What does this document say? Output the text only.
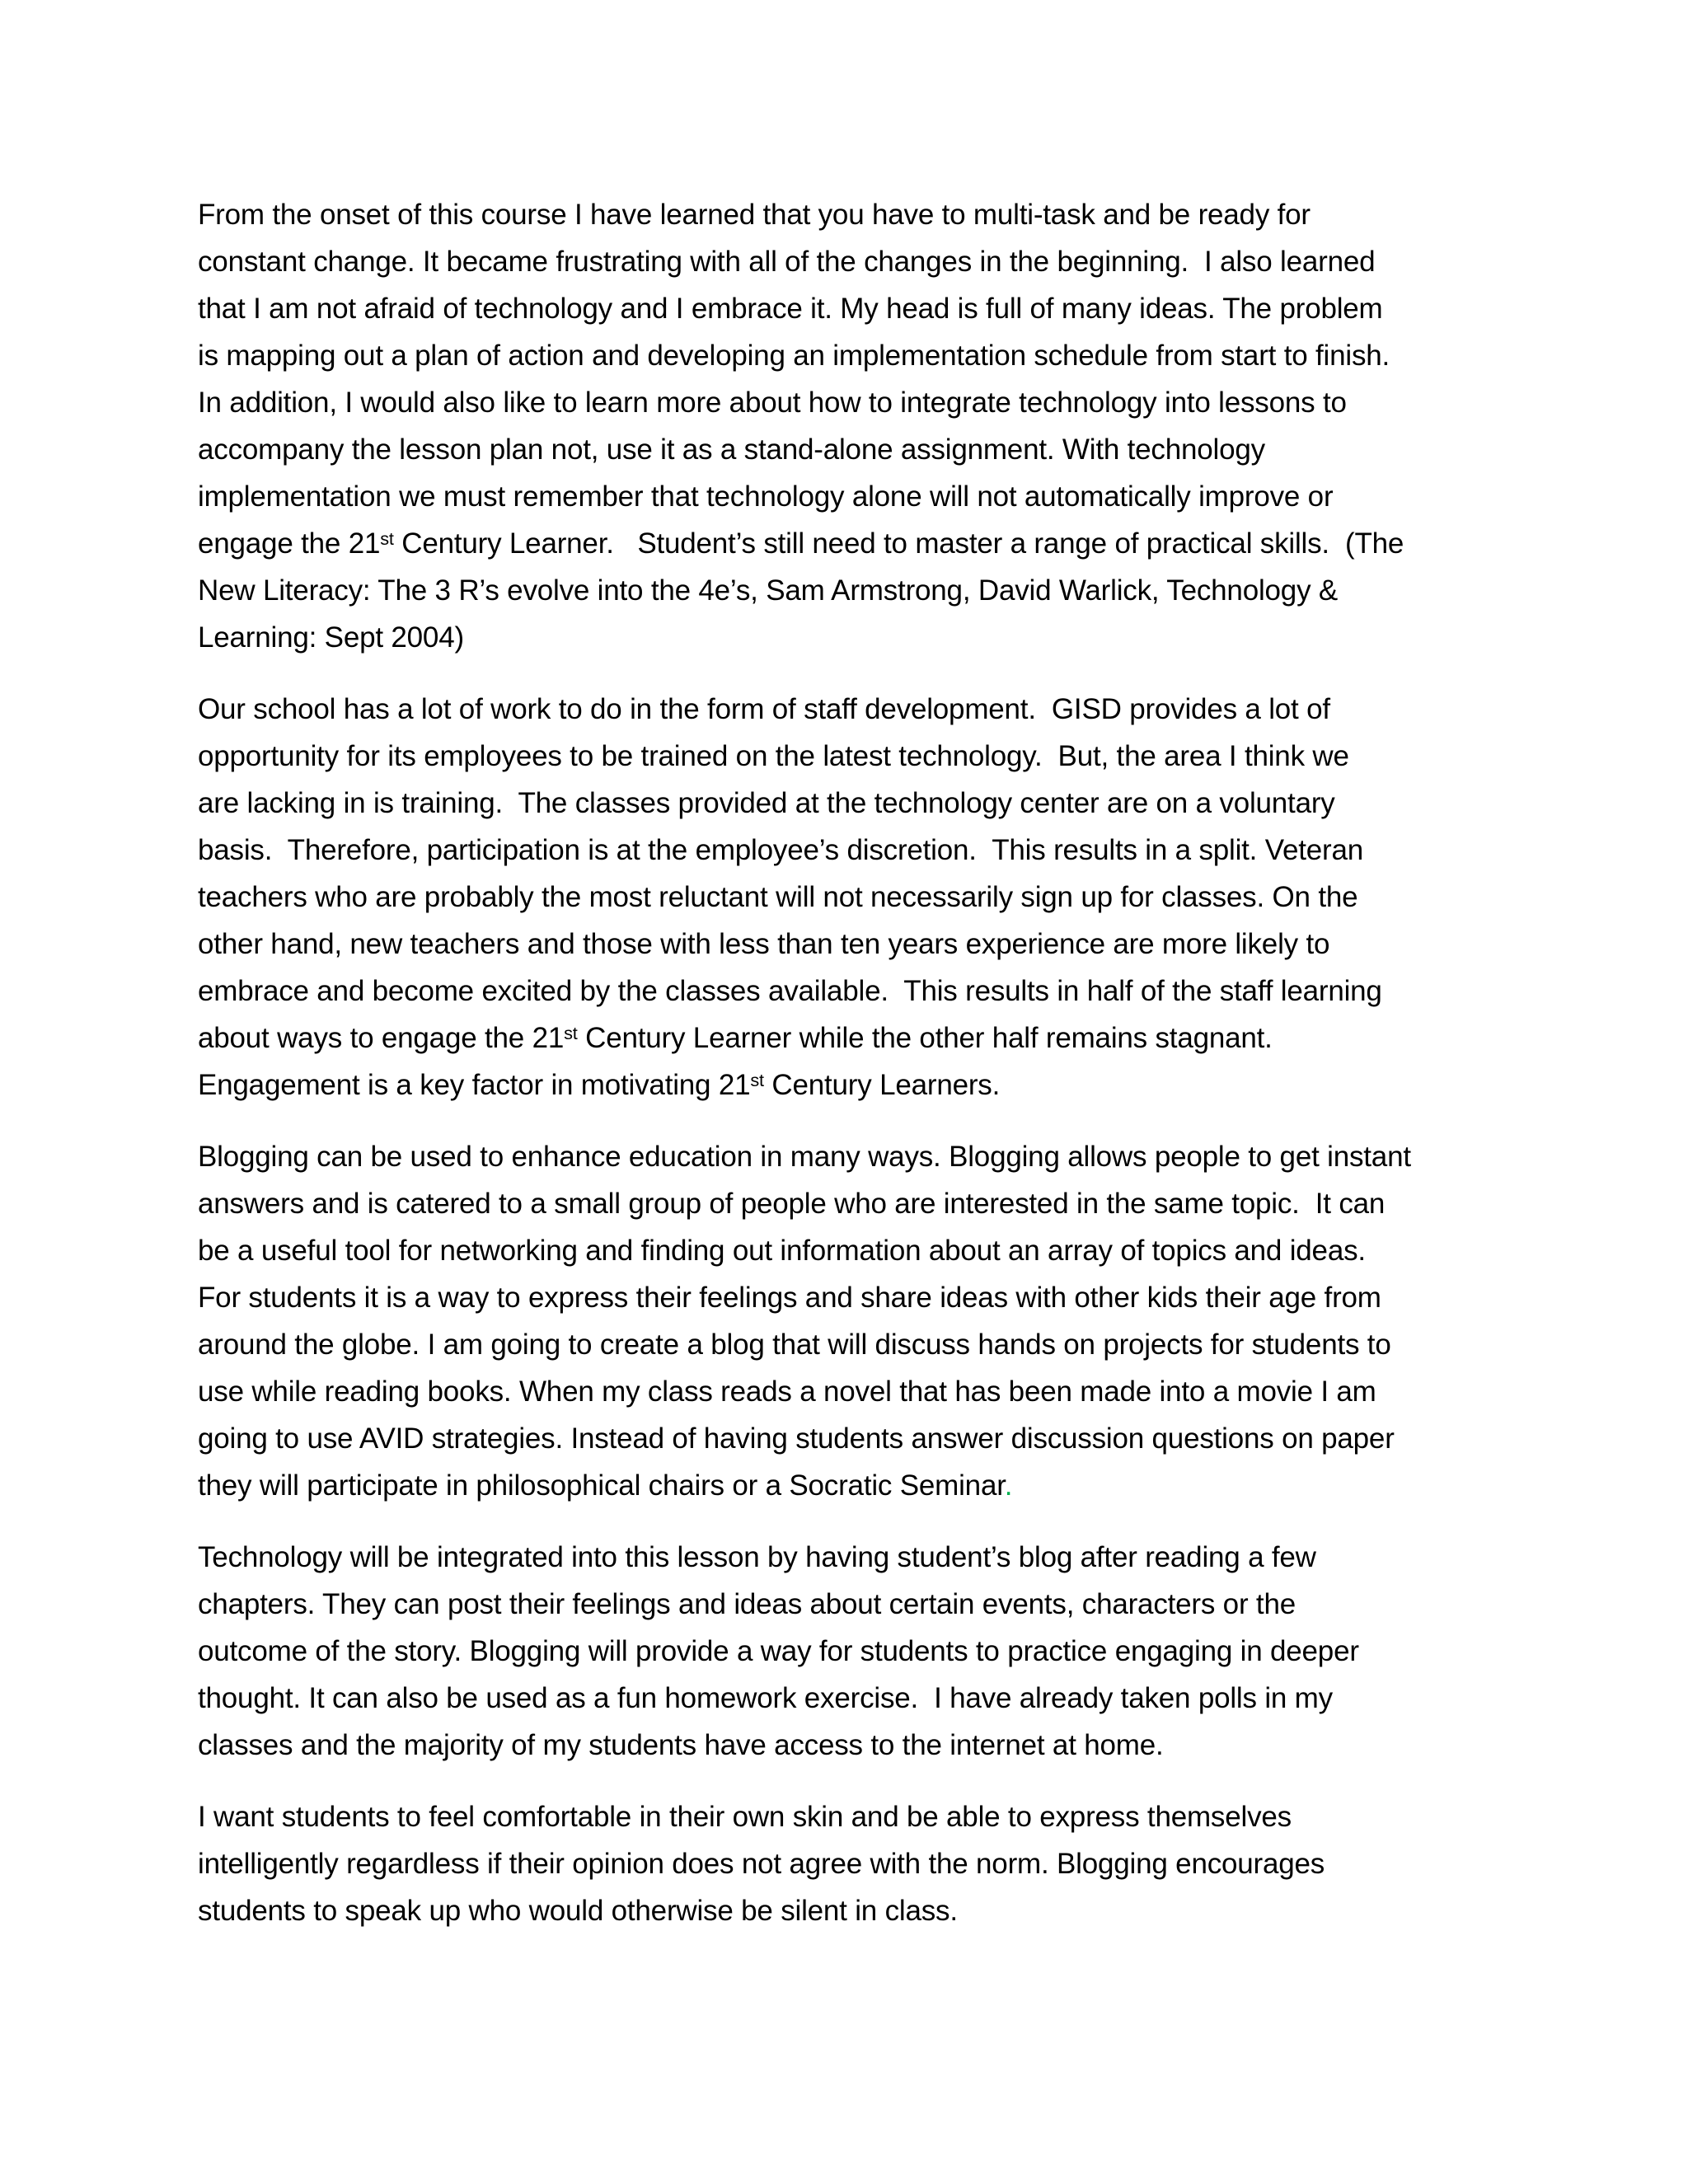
From the onset of this course I have learned that you have to multi-task and be ready for
constant change. It became frustrating with all of the changes in the beginning.  I also learned
that I am not afraid of technology and I embrace it. My head is full of many ideas. The problem
is mapping out a plan of action and developing an implementation schedule from start to finish.
In addition, I would also like to learn more about how to integrate technology into lessons to
accompany the lesson plan not, use it as a stand-alone assignment. With technology
implementation we must remember that technology alone will not automatically improve or
engage the 21st Century Learner.   Student’s still need to master a range of practical skills.  (The
New Literacy: The 3 R’s evolve into the 4e’s, Sam Armstrong, David Warlick, Technology &
Learning: Sept 2004)

Our school has a lot of work to do in the form of staff development.  GISD provides a lot of
opportunity for its employees to be trained on the latest technology.  But, the area I think we
are lacking in is training.  The classes provided at the technology center are on a voluntary
basis.  Therefore, participation is at the employee’s discretion.  This results in a split. Veteran
teachers who are probably the most reluctant will not necessarily sign up for classes. On the
other hand, new teachers and those with less than ten years experience are more likely to
embrace and become excited by the classes available.  This results in half of the staff learning
about ways to engage the 21st Century Learner while the other half remains stagnant.
Engagement is a key factor in motivating 21st Century Learners.

Blogging can be used to enhance education in many ways. Blogging allows people to get instant
answers and is catered to a small group of people who are interested in the same topic.  It can
be a useful tool for networking and finding out information about an array of topics and ideas.
For students it is a way to express their feelings and share ideas with other kids their age from
around the globe. I am going to create a blog that will discuss hands on projects for students to
use while reading books. When my class reads a novel that has been made into a movie I am
going to use AVID strategies. Instead of having students answer discussion questions on paper
they will participate in philosophical chairs or a Socratic Seminar.

Technology will be integrated into this lesson by having student’s blog after reading a few
chapters. They can post their feelings and ideas about certain events, characters or the
outcome of the story. Blogging will provide a way for students to practice engaging in deeper
thought. It can also be used as a fun homework exercise.  I have already taken polls in my
classes and the majority of my students have access to the internet at home.

I want students to feel comfortable in their own skin and be able to express themselves
intelligently regardless if their opinion does not agree with the norm. Blogging encourages
students to speak up who would otherwise be silent in class.
